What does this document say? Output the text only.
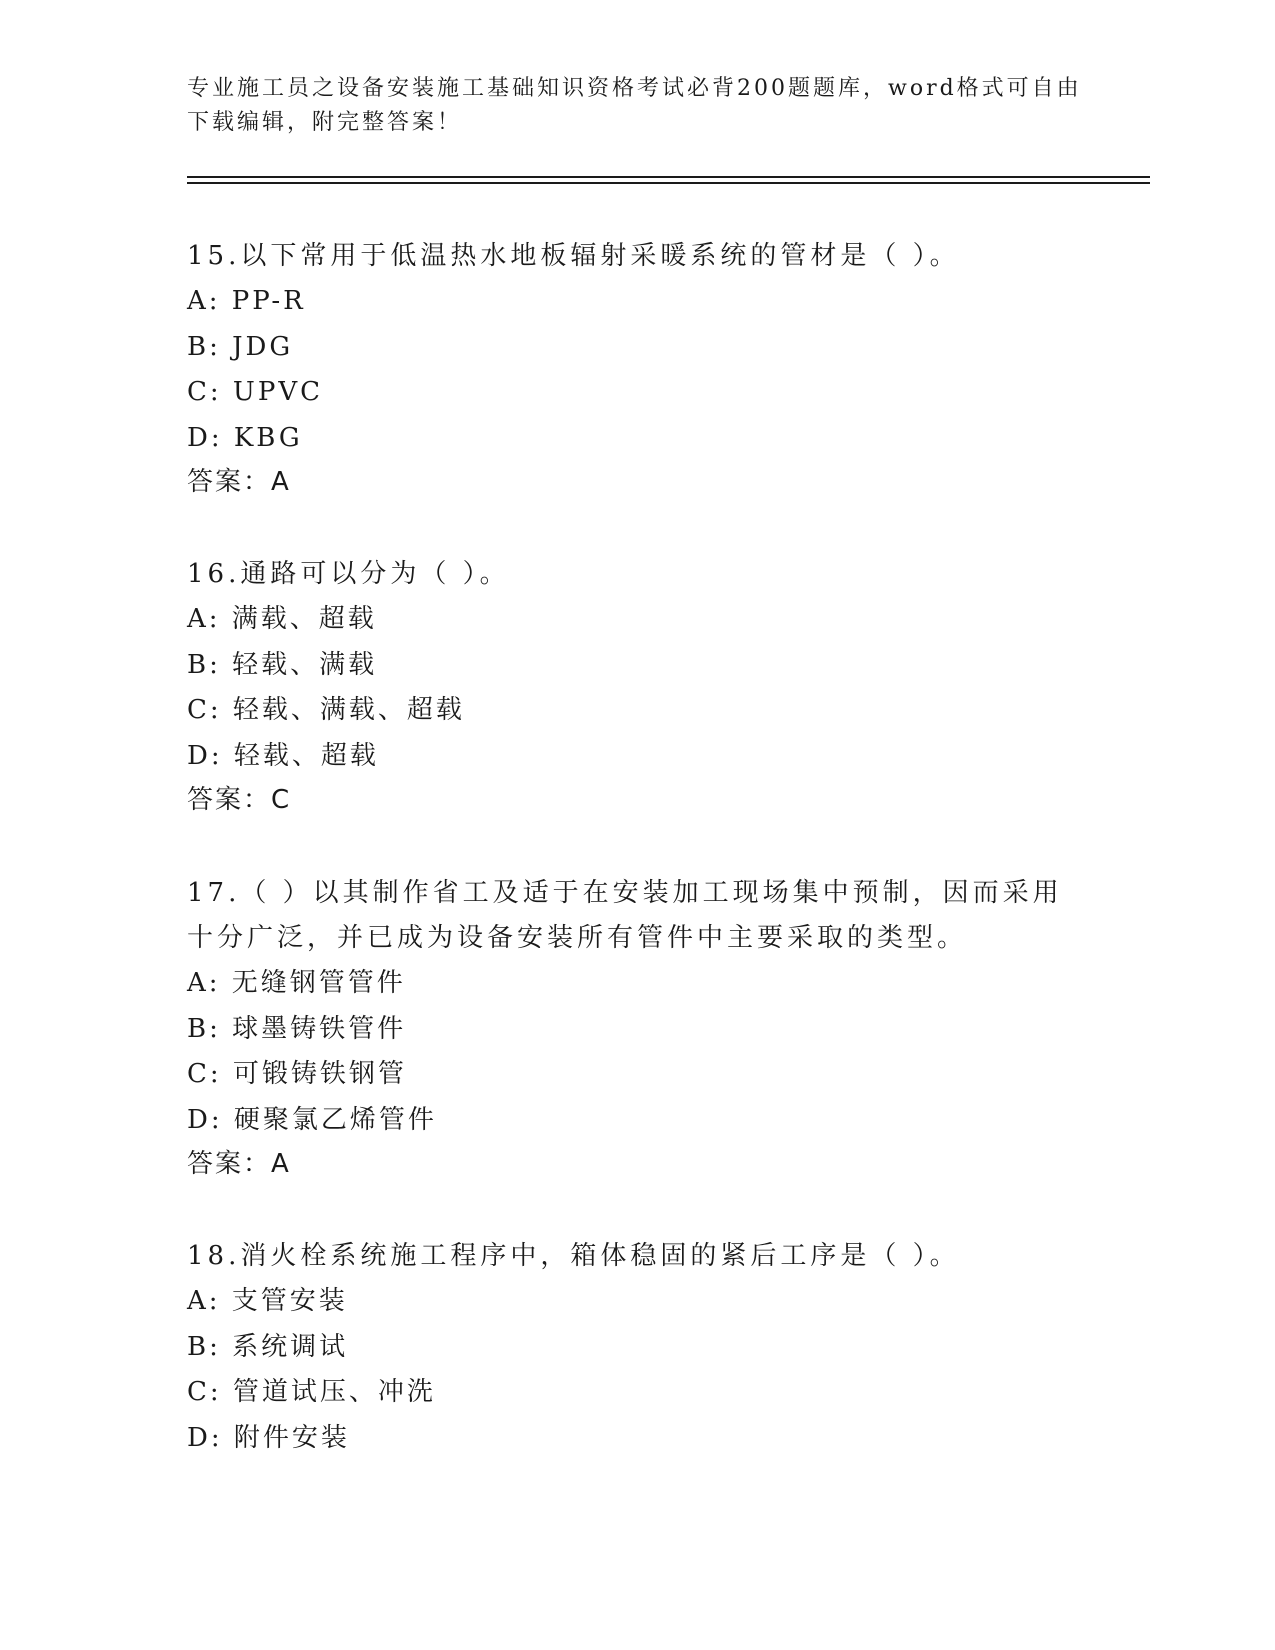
专业施工员之设备安装施工基础知识资格考试必背200题题库，word格式可自由下载编辑，附完整答案！
15.以下常用于低温热水地板辐射采暖系统的管材是（ ）。
A: PP-R
B: JDG
C: UPVC
D: KBG
答案：A
16.通路可以分为（ ）。
A: 满载、超载
B: 轻载、满载
C: 轻载、满载、超载
D: 轻载、超载
答案：C
17.（ ）以其制作省工及适于在安装加工现场集中预制，因而采用十分广泛，并已成为设备安装所有管件中主要采取的类型。
A: 无缝钢管管件
B: 球墨铸铁管件
C: 可锻铸铁钢管
D: 硬聚氯乙烯管件
答案：A
18.消火栓系统施工程序中，箱体稳固的紧后工序是（ ）。
A: 支管安装
B: 系统调试
C: 管道试压、冲洗
D: 附件安装
